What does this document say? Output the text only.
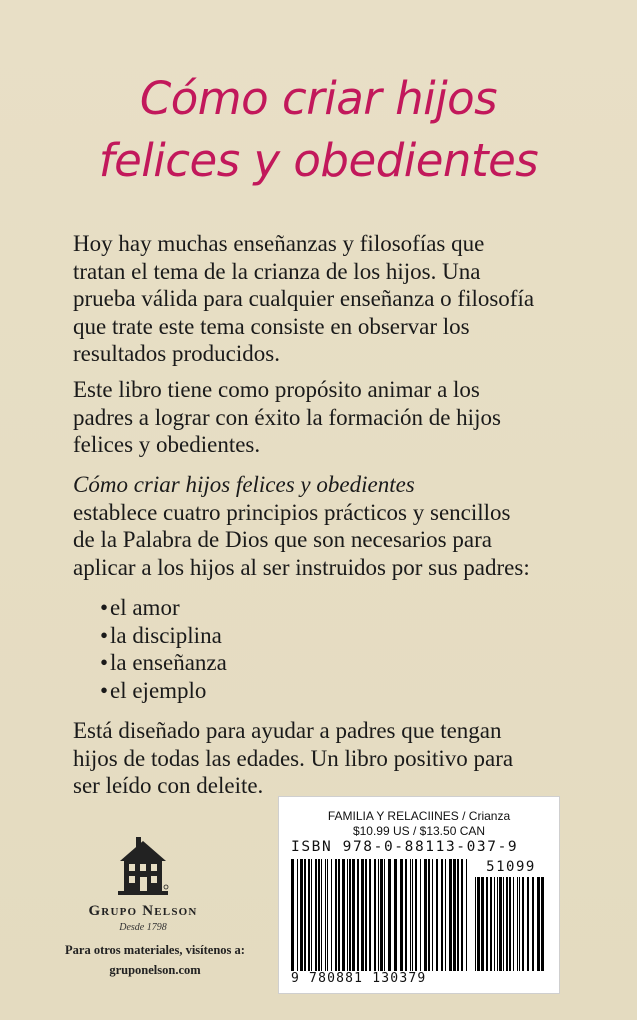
Cómo criar hijos
felices y obedientes
Hoy hay muchas enseñanzas y filosofías que
tratan el tema de la crianza de los hijos. Una
prueba válida para cualquier enseñanza o filosofía
que trate este tema consiste en observar los
resultados producidos.
Este libro tiene como propósito animar a los
padres a lograr con éxito la formación de hijos
felices y obedientes.
Cómo criar hijos felices y obedientes
establece cuatro principios prácticos y sencillos
de la Palabra de Dios que son necesarios para
aplicar a los hijos al ser instruidos por sus padres:
•el amor
•la disciplina
•la enseñanza
•el ejemplo
Está diseñado para ayudar a padres que tengan
hijos de todas las edades. Un libro positivo para
ser leído con deleite.
Grupo Nelson
Desde 1798
Para otros materiales, visítenos a:
gruponelson.com
FAMILIA Y RELACIINES / Crianza
$10.99 US / $13.50 CAN
ISBN 978-0-88113-037-9
51099
9 780881 130379
